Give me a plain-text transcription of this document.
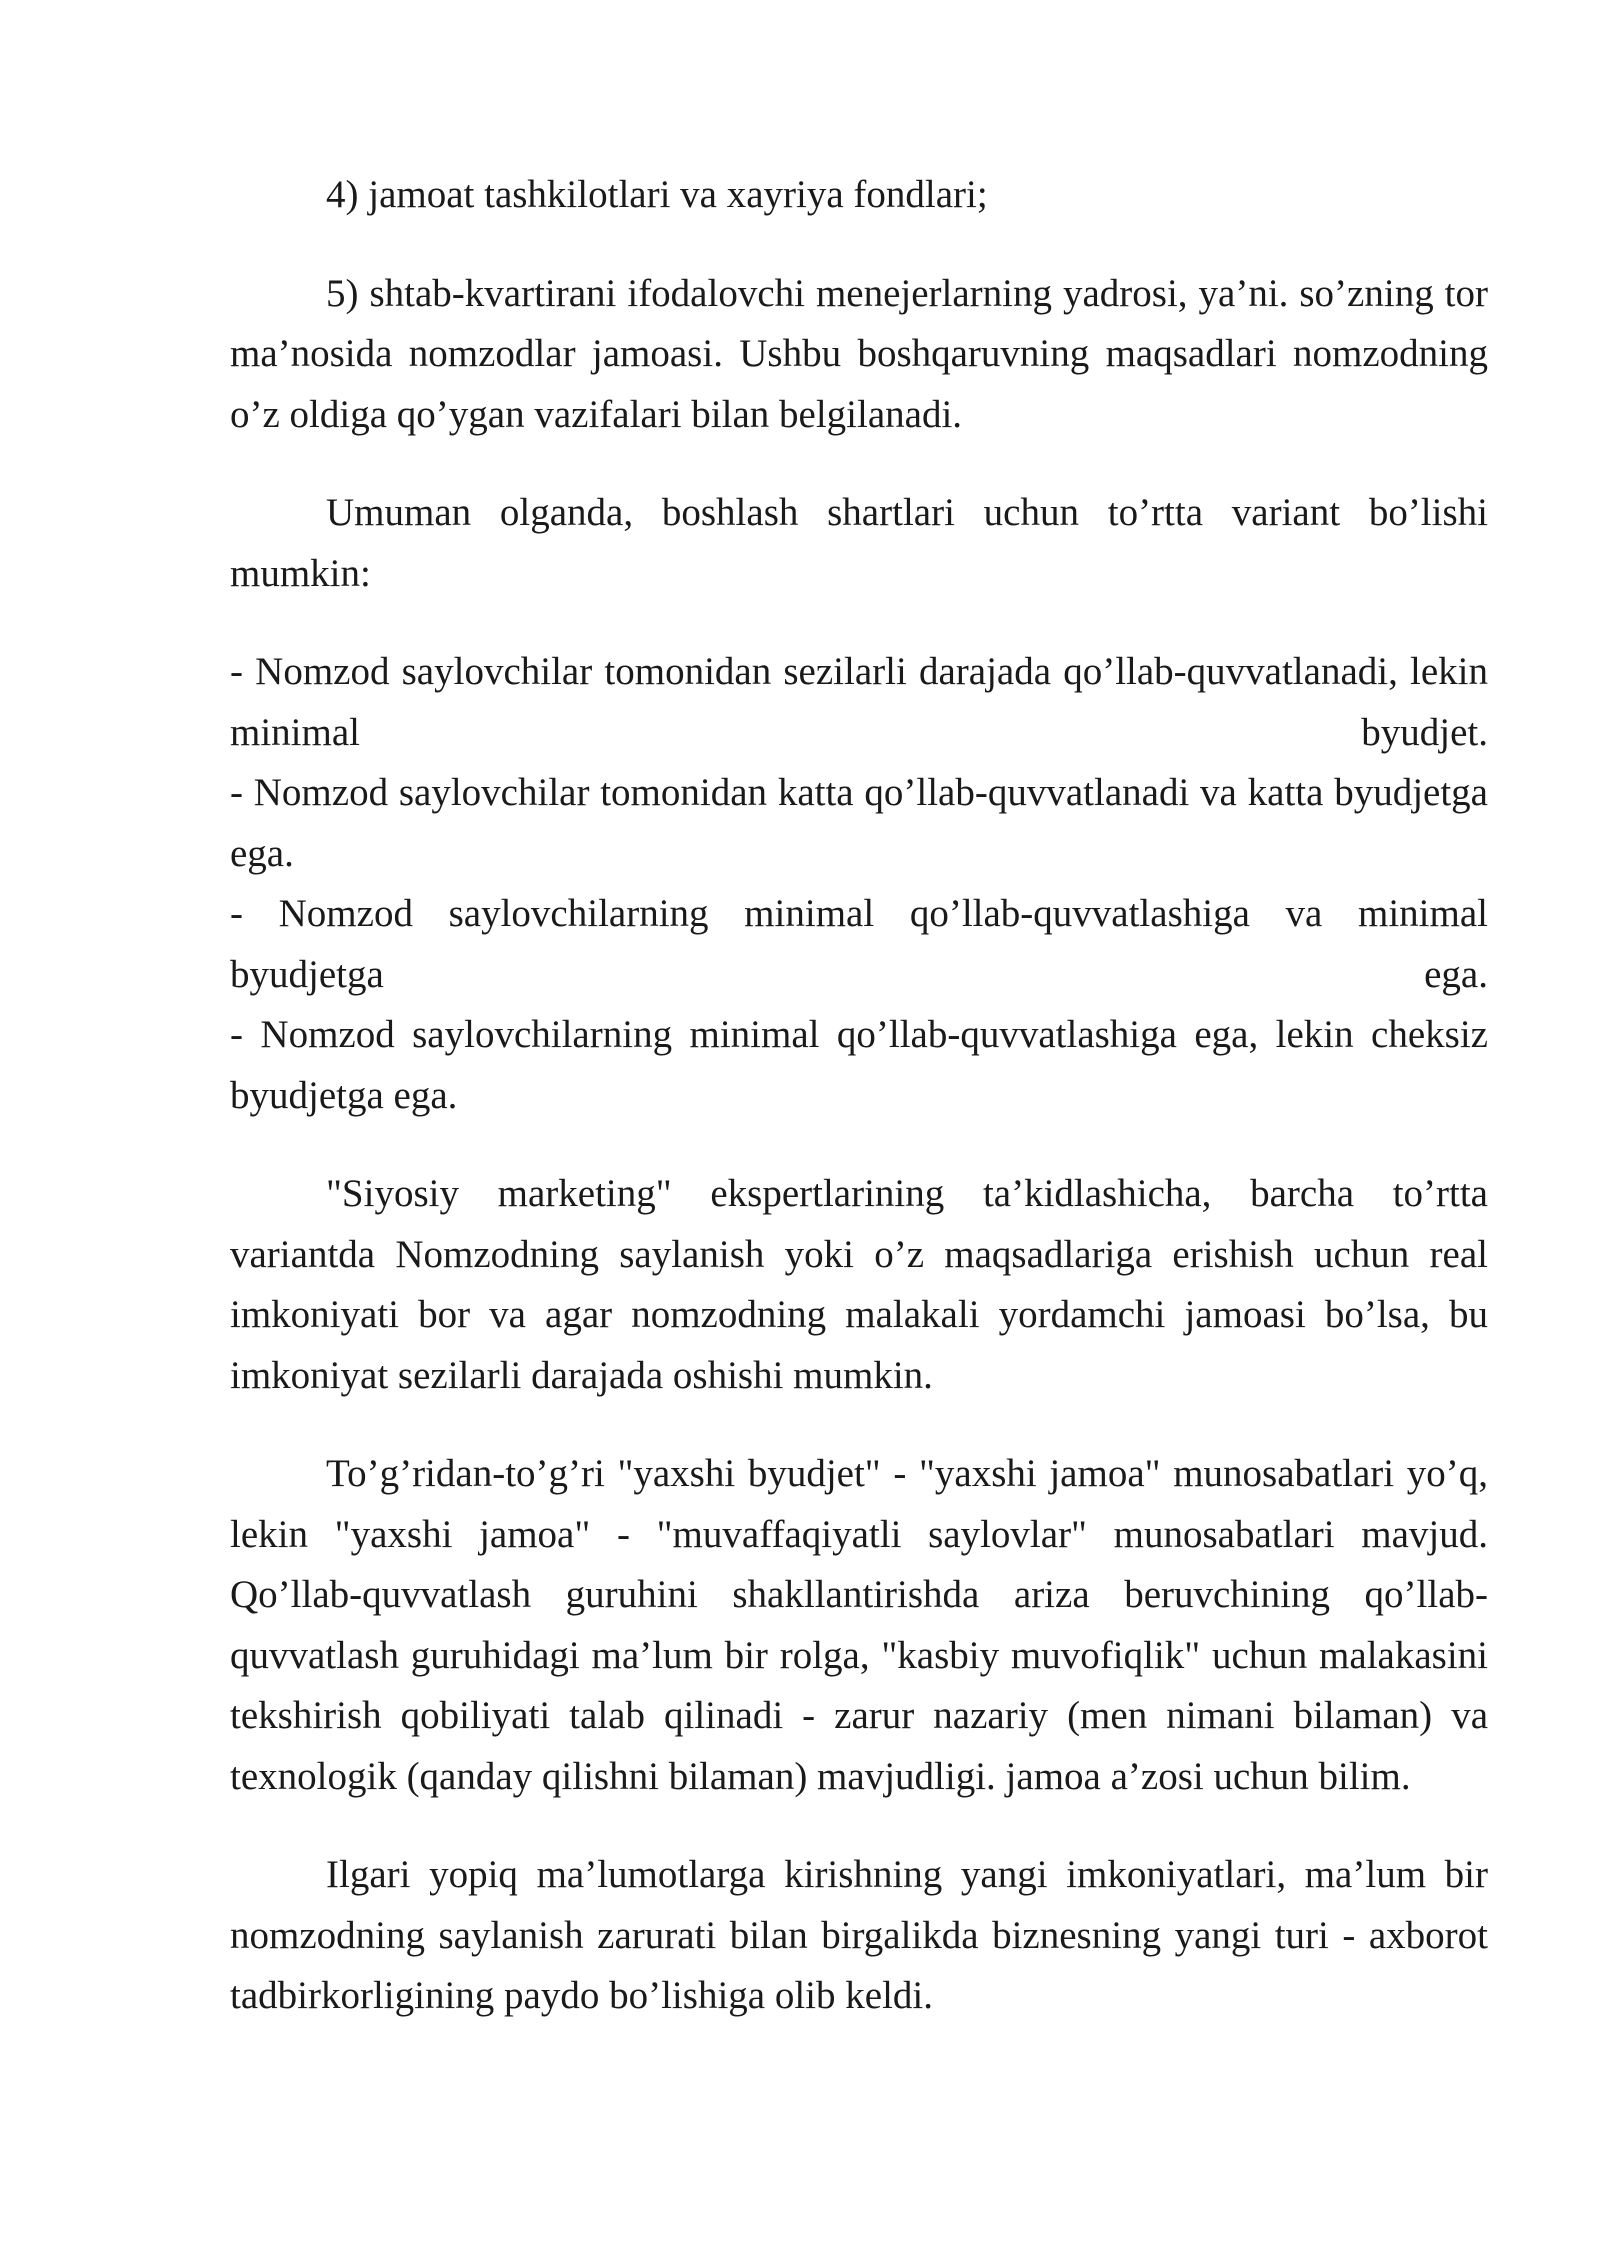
4) jamoat tashkilotlari va xayriya fondlari;

5) shtab-kvartirani ifodalovchi menejerlarning yadrosi, ya’ni. so’zning tor ma’nosida nomzodlar jamoasi. Ushbu boshqaruvning maqsadlari nomzodning o’z oldiga qo’ygan vazifalari bilan belgilanadi.

Umuman olganda, boshlash shartlari uchun to’rtta variant bo’lishi mumkin:

- Nomzod saylovchilar tomonidan sezilarli darajada qo’llab-quvvatlanadi, lekin minimal byudjet.

- Nomzod saylovchilar tomonidan katta qo’llab-quvvatlanadi va katta byudjetga ega.

- Nomzod saylovchilarning minimal qo’llab-quvvatlashiga va minimal byudjetga ega.

- Nomzod saylovchilarning minimal qo’llab-quvvatlashiga ega, lekin cheksiz byudjetga ega.

"Siyosiy marketing" ekspertlarining ta’kidlashicha, barcha to’rtta variantda Nomzodning saylanish yoki o’z maqsadlariga erishish uchun real imkoniyati bor va agar nomzodning malakali yordamchi jamoasi bo’lsa, bu imkoniyat sezilarli darajada oshishi mumkin.

To’g’ridan-to’g’ri "yaxshi byudjet" - "yaxshi jamoa" munosabatlari yo’q, lekin "yaxshi jamoa" - "muvaffaqiyatli saylovlar" munosabatlari mavjud. Qo’llab-quvvatlash guruhini shakllantirishda ariza beruvchining qo’llab-quvvatlash guruhidagi ma’lum bir rolga, "kasbiy muvofiqlik" uchun malakasini tekshirish qobiliyati talab qilinadi - zarur nazariy (men nimani bilaman) va texnologik (qanday qilishni bilaman) mavjudligi. jamoa a’zosi uchun bilim.

Ilgari yopiq ma’lumotlarga kirishning yangi imkoniyatlari, ma’lum bir nomzodning saylanish zarurati bilan birgalikda biznesning yangi turi - axborot tadbirkorligining paydo bo’lishiga olib keldi.
